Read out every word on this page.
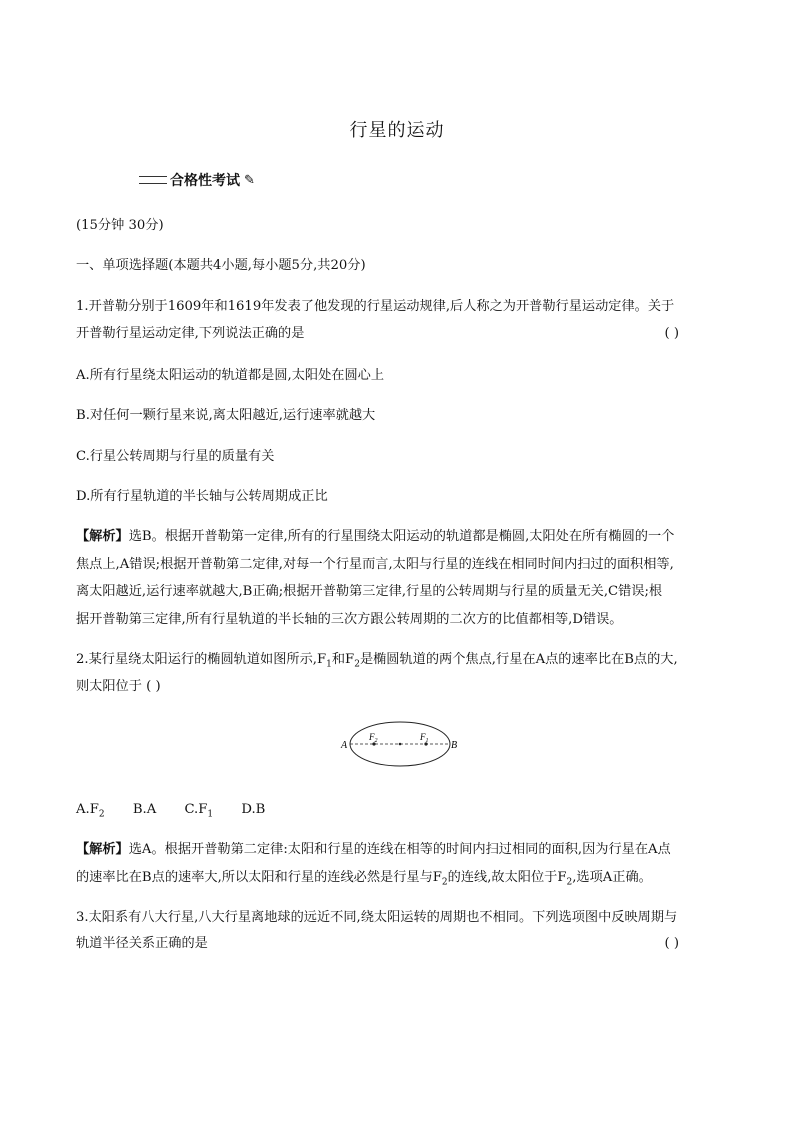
行星的运动
合格性考试 ✎
(15分钟 30分)
一、单项选择题(本题共4小题,每小题5分,共20分)
1.开普勒分别于1609年和1619年发表了他发现的行星运动规律,后人称之为开普勒行星运动定律。关于
开普勒行星运动定律,下列说法正确的是	( )
A.所有行星绕太阳运动的轨道都是圆,太阳处在圆心上
B.对任何一颗行星来说,离太阳越近,运行速率就越大
C.行星公转周期与行星的质量有关
D.所有行星轨道的半长轴与公转周期成正比

【解析】选B。根据开普勒第一定律,所有的行星围绕太阳运动的轨道都是椭圆,太阳处在所有椭圆的一个

焦点上,A错误;根据开普勒第二定律,对每一个行星而言,太阳与行星的连线在相同时间内扫过的面积相等,

离太阳越近,运行速率就越大,B正确;根据开普勒第三定律,行星的公转周期与行星的质量无关,C错误;根

据开普勒第三定律,所有行星轨道的半长轴的三次方跟公转周期的二次方的比值都相等,D错误。

2.某行星绕太阳运行的椭圆轨道如图所示$,F_1$和$F_2$是椭圆轨道的两个焦点,行星在A点的速率比在B点的大,
则太阳位于 ( )
A	B
$F_2$	$F_1$
$A.F_2$ B.A $C.F_1$ D.B

【解析】选A。根据开普勒第二定律:太阳和行星的连线在相等的时间内扫过相同的面积,因为行星在A点

的速率比在B点的速率大,所以太阳和行星的连线必然是行星与$F_2$的连线,故太阳位于$F_2$,选项A正确。

3.太阳系有八大行星,八大行星离地球的远近不同,绕太阳运转的周期也不相同。下列选项图中反映周期与
轨道半径关系正确的是	( )
